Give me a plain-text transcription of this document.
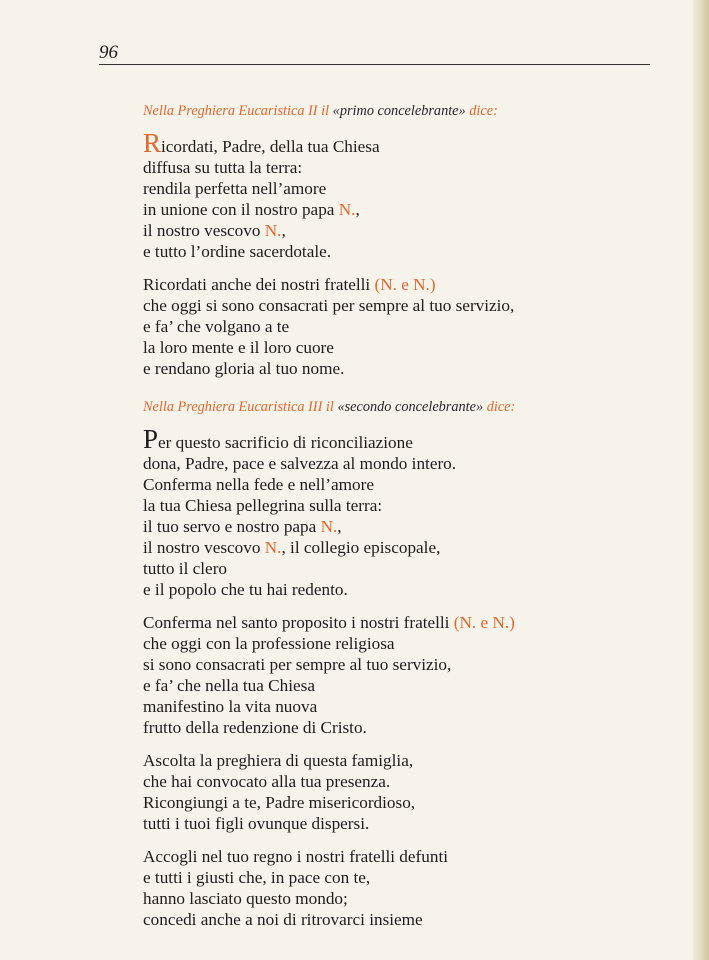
96

Nella Preghiera Eucaristica II il «primo concelebrante» dice:

Ricordati, Padre, della tua Chiesa
diffusa su tutta la terra:
rendila perfetta nell’amore
in unione con il nostro papa N.,
il nostro vescovo N.,
e tutto l’ordine sacerdotale.
Ricordati anche dei nostri fratelli (N. e N.)
che oggi si sono consacrati per sempre al tuo servizio,
e fa’ che volgano a te
la loro mente e il loro cuore
e rendano gloria al tuo nome.

Nella Preghiera Eucaristica III il «secondo concelebrante» dice:

Per questo sacrificio di riconciliazione
dona, Padre, pace e salvezza al mondo intero.
Conferma nella fede e nell’amore
la tua Chiesa pellegrina sulla terra:
il tuo servo e nostro papa N.,
il nostro vescovo N., il collegio episcopale,
tutto il clero
e il popolo che tu hai redento.
Conferma nel santo proposito i nostri fratelli (N. e N.)
che oggi con la professione religiosa
si sono consacrati per sempre al tuo servizio,
e fa’ che nella tua Chiesa
manifestino la vita nuova
frutto della redenzione di Cristo.
Ascolta la preghiera di questa famiglia,
che hai convocato alla tua presenza.
Ricongiungi a te, Padre misericordioso,
tutti i tuoi figli ovunque dispersi.
Accogli nel tuo regno i nostri fratelli defunti
e tutti i giusti che, in pace con te,
hanno lasciato questo mondo;
concedi anche a noi di ritrovarci insieme
